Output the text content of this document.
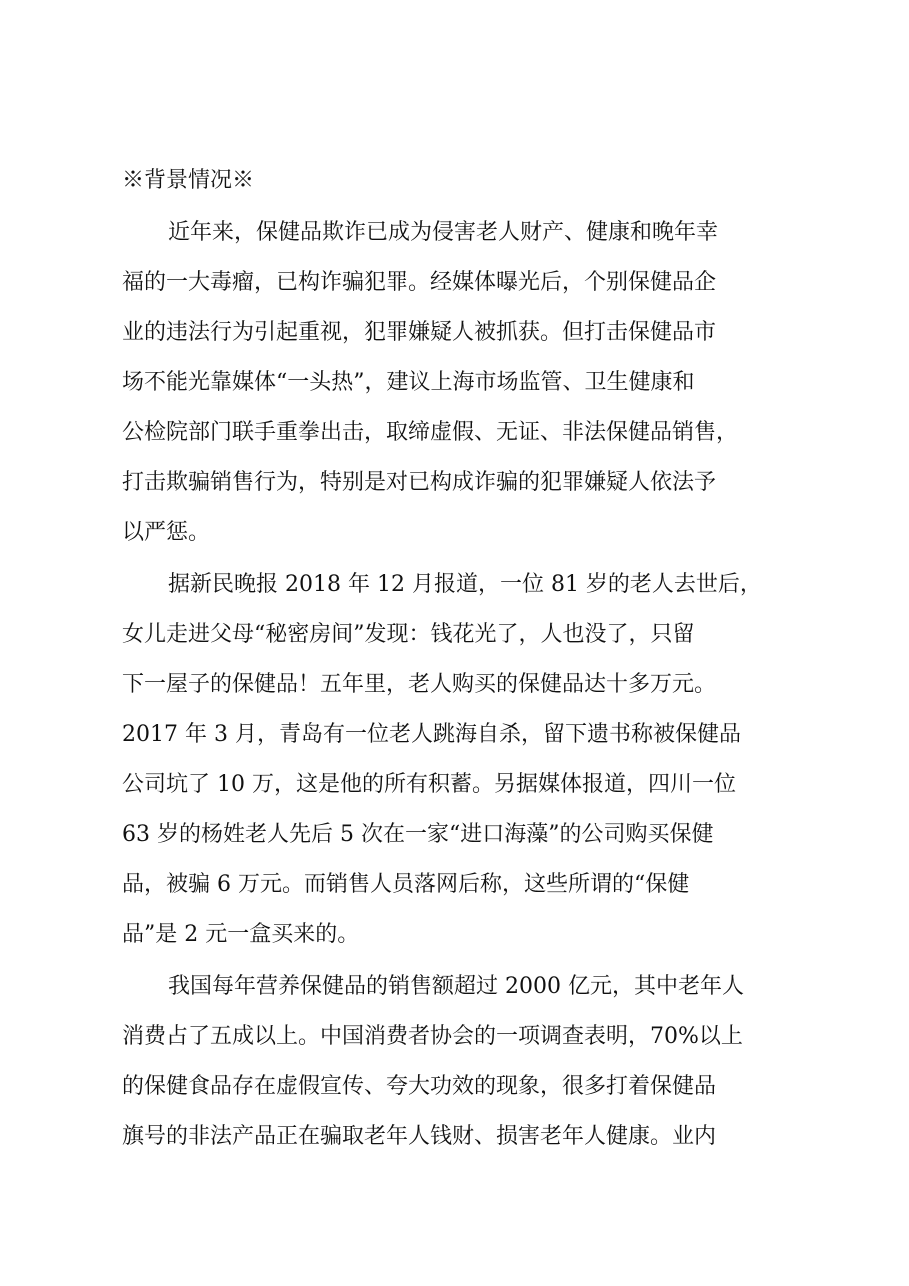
※背景情况※
近年来，保健品欺诈已成为侵害老人财产、健康和晚年幸
福的一大毒瘤，已构诈骗犯罪。经媒体曝光后，个别保健品企
业的违法行为引起重视，犯罪嫌疑人被抓获。但打击保健品市
场不能光靠媒体“一头热”，建议上海市场监管、卫生健康和
公检院部门联手重拳出击，取缔虚假、无证、非法保健品销售，
打击欺骗销售行为，特别是对已构成诈骗的犯罪嫌疑人依法予
以严惩。
据新民晚报 2018 年 12 月报道，一位 81 岁的老人去世后，
女儿走进父母“秘密房间”发现：钱花光了，人也没了，只留
下一屋子的保健品！五年里，老人购买的保健品达十多万元。
2017 年 3 月，青岛有一位老人跳海自杀，留下遗书称被保健品
公司坑了 10 万，这是他的所有积蓄。另据媒体报道，四川一位
63 岁的杨姓老人先后 5 次在一家“进口海藻”的公司购买保健
品，被骗 6 万元。而销售人员落网后称，这些所谓的“保健
品”是 2 元一盒买来的。
我国每年营养保健品的销售额超过 2000 亿元，其中老年人
消费占了五成以上。中国消费者协会的一项调查表明，70%以上
的保健食品存在虚假宣传、夸大功效的现象，很多打着保健品
旗号的非法产品正在骗取老年人钱财、损害老年人健康。业内
